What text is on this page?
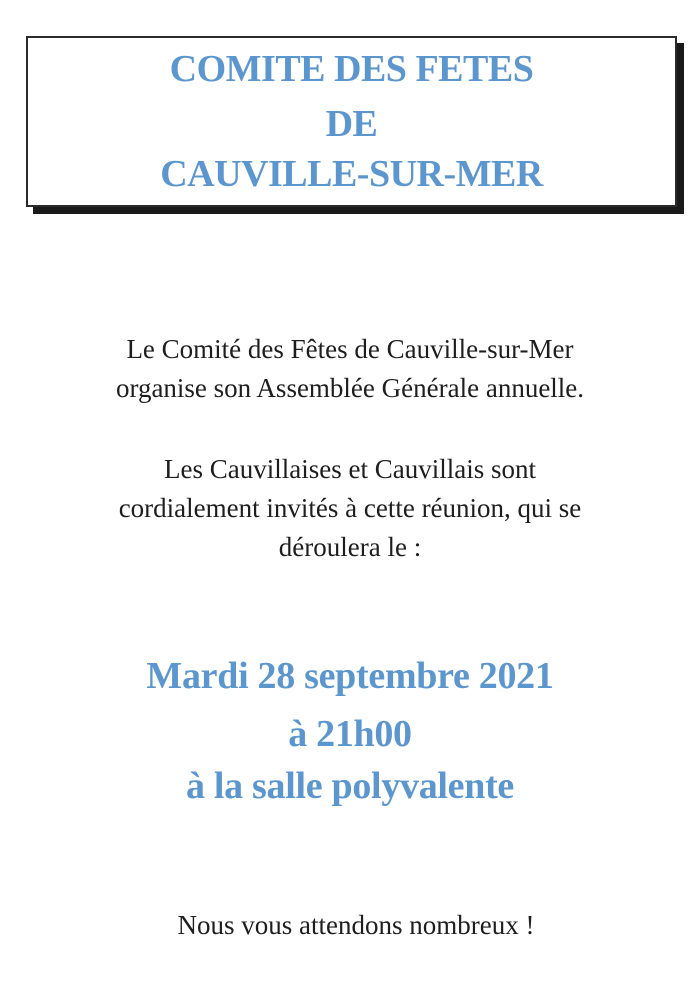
COMITE DES FETES
DE
CAUVILLE-SUR-MER
Le Comité des Fêtes de Cauville-sur-Mer
organise son Assemblée Générale annuelle.
Les Cauvillaises et Cauvillais sont
cordialement invités à cette réunion, qui se
déroulera le :
Mardi 28 septembre 2021
à 21h00
à la salle polyvalente
Nous vous attendons nombreux !
